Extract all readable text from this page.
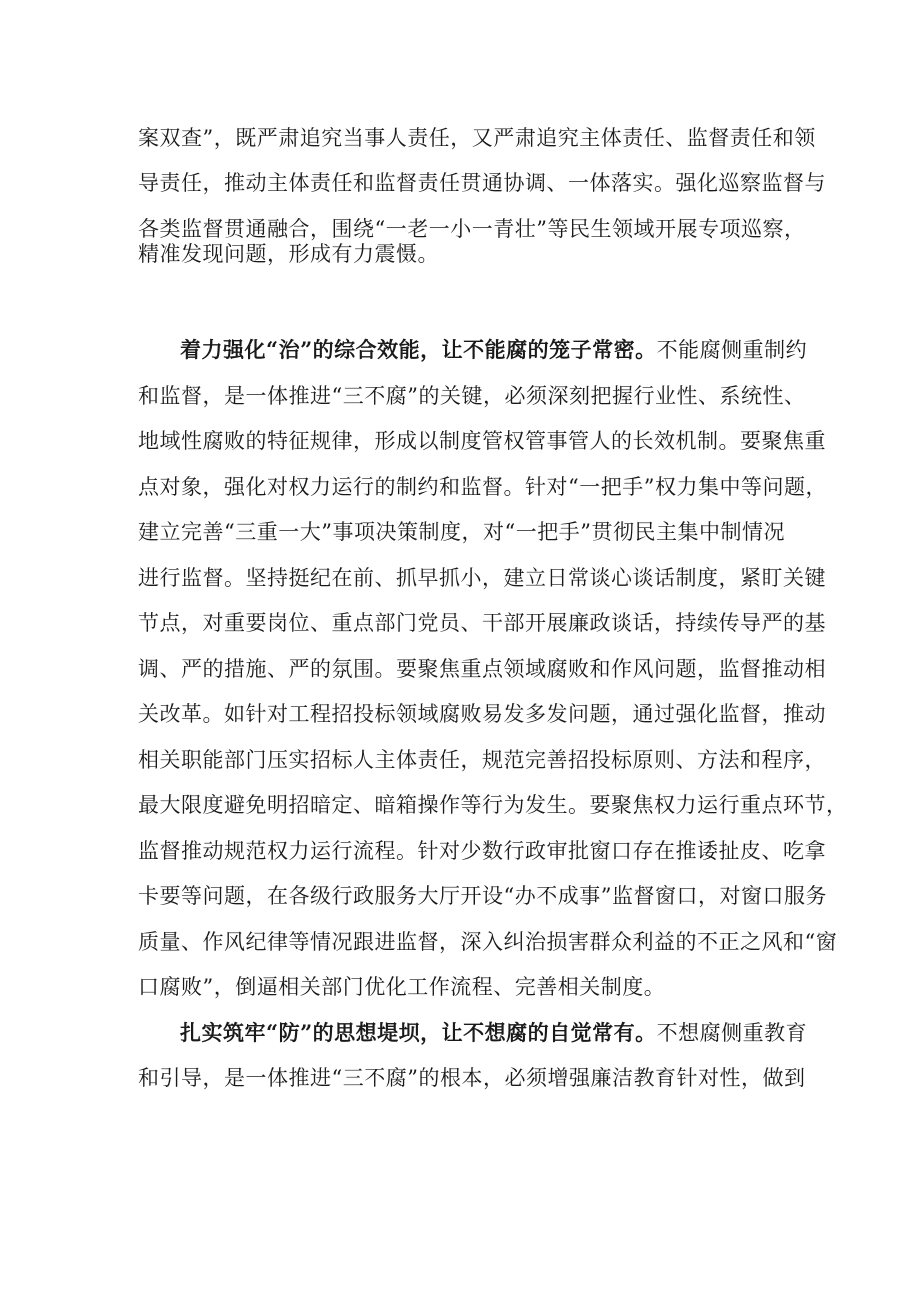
案双查”，既严肃追究当事人责任，又严肃追究主体责任、监督责任和领
导责任，推动主体责任和监督责任贯通协调、一体落实。强化巡察监督与
各类监督贯通融合，围绕“一老一小一青壮”等民生领域开展专项巡察，
精准发现问题，形成有力震慑。
着力强化“治”的综合效能，让不能腐的笼子常密。不能腐侧重制约
和监督，是一体推进“三不腐”的关键，必须深刻把握行业性、系统性、
地域性腐败的特征规律，形成以制度管权管事管人的长效机制。要聚焦重
点对象，强化对权力运行的制约和监督。针对“一把手”权力集中等问题，
建立完善“三重一大”事项决策制度，对“一把手”贯彻民主集中制情况
进行监督。坚持挺纪在前、抓早抓小，建立日常谈心谈话制度，紧盯关键
节点，对重要岗位、重点部门党员、干部开展廉政谈话，持续传导严的基
调、严的措施、严的氛围。要聚焦重点领域腐败和作风问题，监督推动相
关改革。如针对工程招投标领域腐败易发多发问题，通过强化监督，推动
相关职能部门压实招标人主体责任，规范完善招投标原则、方法和程序，
最大限度避免明招暗定、暗箱操作等行为发生。要聚焦权力运行重点环节，
监督推动规范权力运行流程。针对少数行政审批窗口存在推诿扯皮、吃拿
卡要等问题，在各级行政服务大厅开设“办不成事”监督窗口，对窗口服务
质量、作风纪律等情况跟进监督，深入纠治损害群众利益的不正之风和“窗
口腐败”，倒逼相关部门优化工作流程、完善相关制度。
扎实筑牢“防”的思想堤坝，让不想腐的自觉常有。不想腐侧重教育
和引导，是一体推进“三不腐”的根本，必须增强廉洁教育针对性，做到
